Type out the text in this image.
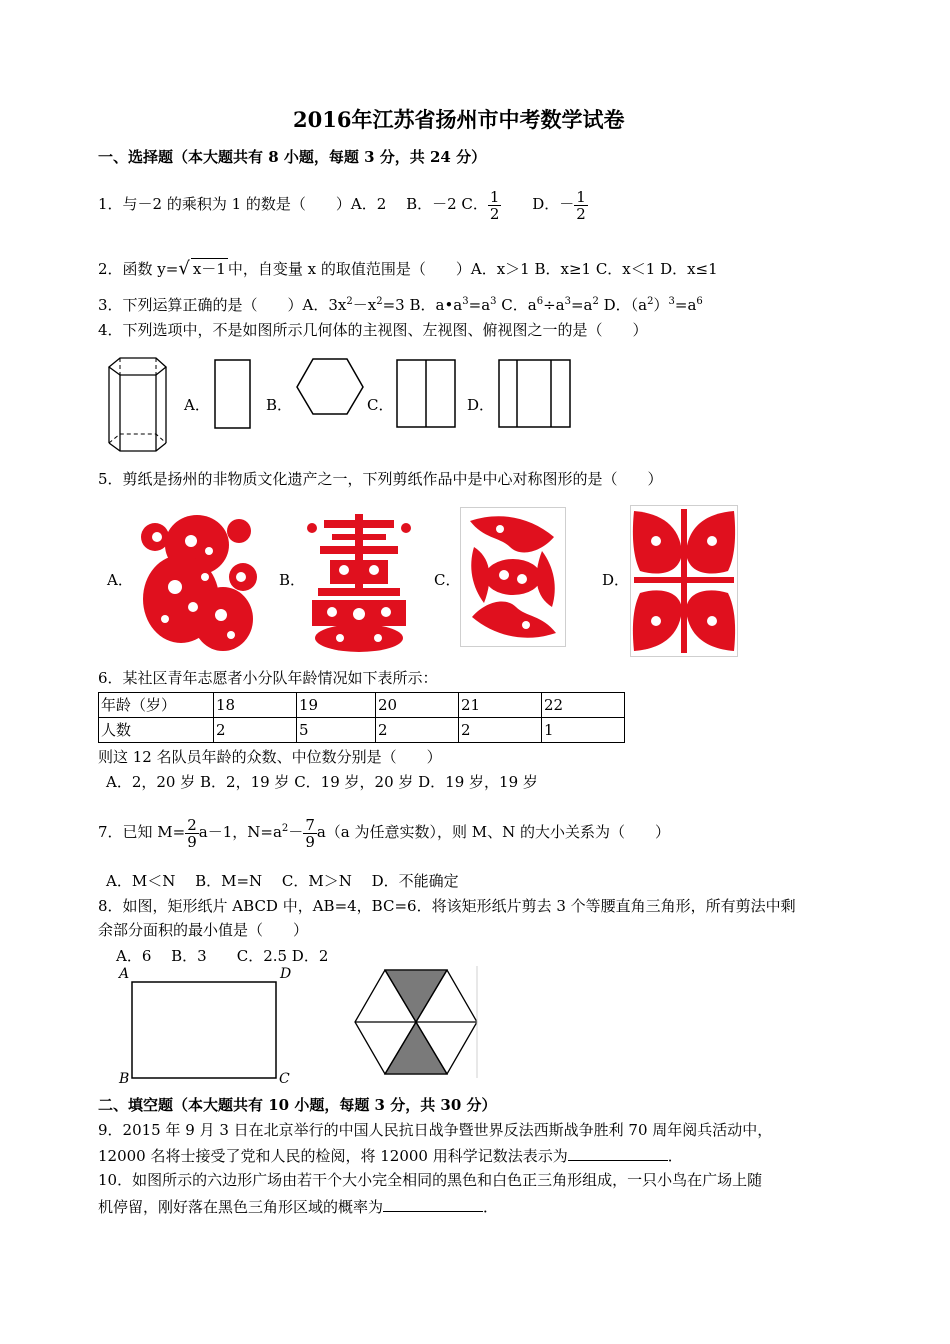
2016年江苏省扬州市中考数学试卷
一、选择题（本大题共有 8 小题，每题 3 分，共 24 分）
1．与－2 的乘积为 1 的数是（　　）A．2　 B．－2 C． $\frac{1}{2}$ D．－ $\frac{1}{2}$
2．函数 y=√ x－1 中，自变量 x 的取值范围是（　　）A．x＞1 B．x≥1 C．x＜1 D．x≤1
3．下列运算正确的是（　　）A．$3x^2-x^2=3$ B．$a•a^3=a^3$ C．$a^6\div a^3=a^2$ D．$(a^2)^3=a^6$
4．下列选项中，不是如图所示几何体的主视图、左视图、俯视图之一的是（　　）
A．	B．	C．	D．
5．剪纸是扬州的非物质文化遗产之一，下列剪纸作品中是中心对称图形的是（　　）
A．	B．	C．	D．
6．某社区青年志愿者小分队年龄情况如下表所示：
年龄（岁）	18	19	20	21	22
人数	2	5	2	2	1
则这 12 名队员年龄的众数、中位数分别是（　　）
A．2，20 岁 B．2，19 岁 C．19 岁，20 岁 D．19 岁，19 岁
7．已知 $M= \frac{2}{9} a-1$，$N=a^2- \frac{7}{9} a(a$ 为任意实数），则 M、N 的大小关系为（　　）
A．M＜N　 B．M=N　 C．M＞N　 D．不能确定
8．如图，矩形纸片 ABCD 中，AB=4，BC=6．将该矩形纸片剪去 3 个等腰直角三角形，所有剪法中剩
余部分面积的最小值是（　　）
A．6　 B．3　　C．2.5 D．2
A	D
B	C
二、填空题（本大题共有 10 小题，每题 3 分，共 30 分）
9．2015 年 9 月 3 日在北京举行的中国人民抗日战争暨世界反法西斯战争胜利 70 周年阅兵活动中，
12000 名将士接受了党和人民的检阅，将 12000 用科学记数法表示为	．
10．如图所示的六边形广场由若干个大小完全相同的黑色和白色正三角形组成，一只小鸟在广场上随
机停留，刚好落在黑色三角形区域的概率为	．
